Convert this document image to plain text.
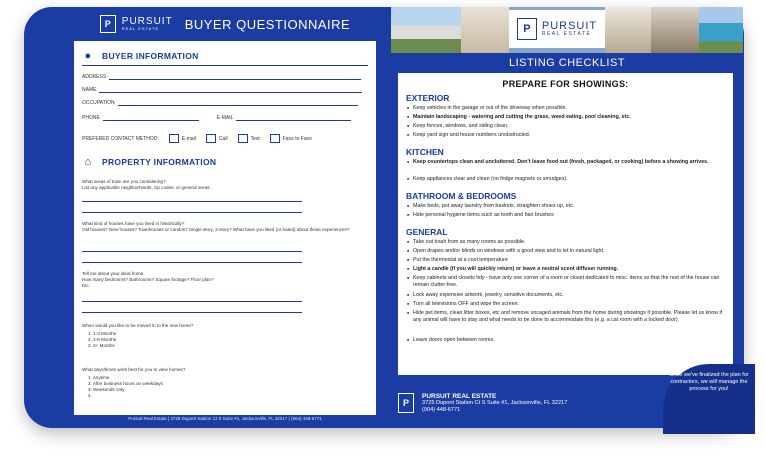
P	PURSUIT
REAL ESTATE	BUYER QUESTIONNAIRE
● BUYER INFORMATION
ADDRESS
NAME
OCCUPATION
PHONE	E-MAIL
PREFERED CONTACT METHOD:	E-mail	Call	Text	Face to Face
⌂ PROPERTY INFORMATION
What areas of town are you considering?
List any applicable neighborheeds, zip codes, or general areas.
What kind of houses have you lived in historically?
Old houses? New houses? Townhouses or condos? Single story, 2-story? What have you liked (or hated) about those experiences?
Tell me about your ideal home.
How many bedrooms? Bathrooms? Square footage? Floor plan?
Etc.
When would you like to be moved in to the new home?
1. 1-3 Months
2. 4-6 Months
3. 6+ Months
What days/times work best for you to view homes?
1. Anytime
2. After business hours on weekdays
3. Weekends only
4.
Pursuit Real Estate | 3725 Dupont Station Ct S Suite #1, Jacksonville, FL 32217 | (904) 448-6771
P	PURSUIT
REAL ESTATE
LISTING CHECKLIST
PREPARE FOR SHOWINGS:
EXTERIOR
■ Keep vehicles in the garage or out of the driveway when possible.
■ Maintain landscaping - watering and cutting the grass, weed eating, pool cleaning, etc.
■ Keep fences, windows, and siding clean.
■ Keep yard sign and house numbers unobstructed.
KITCHEN
■ Keep countertops clean and uncluttered. Don't leave food out (fresh, packaged, or cooking) before a showing arrives.
■ Keep appliances clear and clean (no fridge magnets or smudges).
BATHROOM & BEDROOMS
■ Make beds, put away laundry from baskets, straighten shoes up, etc.
■ Hide personal hygiene items such as tooth and hair brushes
GENERAL
■ Take out trash from as many rooms as possible.
■ Open drapes and/or blinds on windows with a good view and to let in natural light.
■ Put the thermostat at a cool temperature
■ Light a candle (if you will quickly return) or leave a neutral scent diffuser running.
■ Keep cabinets and closets tidy - have only one corner of a room or closet dedicated to misc. items so that the rest of the house can remain clutter-free.
■ Lock away expensive artwork, jewelry, sensitive documents, etc.
■ Turn all televisions OFF and wipe the screen.
■ Hide pet items, clean litter boxes, etc and remove uncaged animals from the home during showings if possible. Please let us know if any animal will have to stay and what needs to be done to accommodate this (e.g. a cat room with a locked door).
■ Leave doors open between rooms.
P
PURSUIT REAL ESTATE
3725 Dupont Station Ct S Suite #1, Jacksonville, FL 32217
(904) 448-6771
Once we've finalized the plan for contractors, we will manage the process for you!
